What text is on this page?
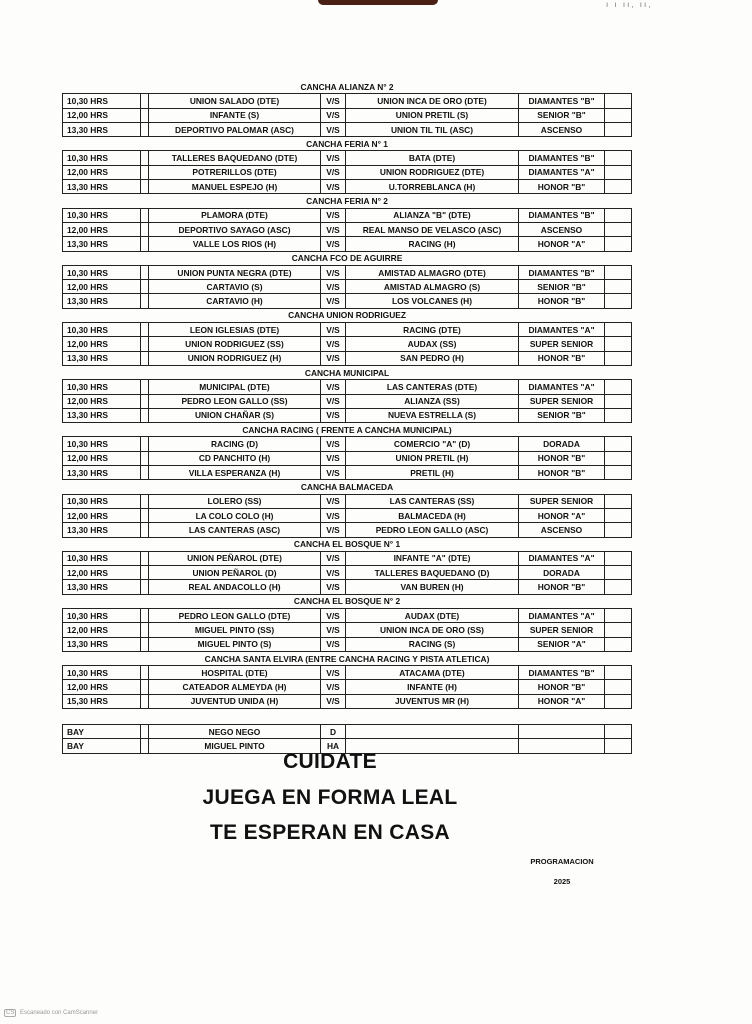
ı ı ıı, ıı,
CANCHA ALIANZA N° 2						
10,30 HRS		UNION SALADO (DTE)	V/S	UNION INCA DE ORO (DTE)	DIAMANTES "B"	
12,00 HRS		INFANTE (S)	V/S	UNION PRETIL (S)	SENIOR "B"	
13,30 HRS		DEPORTIVO PALOMAR (ASC)	V/S	UNION TIL TIL (ASC)	ASCENSO	
CANCHA FERIA N° 1						
10,30 HRS		TALLERES BAQUEDANO (DTE)	V/S	BATA (DTE)	DIAMANTES "B"	
12,00 HRS		POTRERILLOS (DTE)	V/S	UNION RODRIGUEZ (DTE)	DIAMANTES "A"	
13,30 HRS		MANUEL ESPEJO (H)	V/S	U.TORREBLANCA (H)	HONOR "B"	
CANCHA FERIA N° 2						
10,30 HRS		PLAMORA (DTE)	V/S	ALIANZA "B" (DTE)	DIAMANTES "B"	
12,00 HRS		DEPORTIVO SAYAGO (ASC)	V/S	REAL MANSO DE VELASCO (ASC)	ASCENSO	
13,30 HRS		VALLE LOS RIOS (H)	V/S	RACING (H)	HONOR "A"	
CANCHA FCO DE AGUIRRE						
10,30 HRS		UNION PUNTA NEGRA (DTE)	V/S	AMISTAD ALMAGRO (DTE)	DIAMANTES "B"	
12,00 HRS		CARTAVIO (S)	V/S	AMISTAD ALMAGRO (S)	SENIOR "B"	
13,30 HRS		CARTAVIO (H)	V/S	LOS VOLCANES (H)	HONOR "B"	
CANCHA UNION RODRIGUEZ						
10,30 HRS		LEON IGLESIAS (DTE)	V/S	RACING (DTE)	DIAMANTES "A"	
12,00 HRS		UNION RODRIGUEZ (SS)	V/S	AUDAX (SS)	SUPER SENIOR	
13,30 HRS		UNION RODRIGUEZ (H)	V/S	SAN PEDRO (H)	HONOR "B"	
CANCHA MUNICIPAL						
10,30 HRS		MUNICIPAL (DTE)	V/S	LAS CANTERAS (DTE)	DIAMANTES "A"	
12,00 HRS		PEDRO LEON GALLO (SS)	V/S	ALIANZA (SS)	SUPER SENIOR	
13,30 HRS		UNION CHAÑAR (S)	V/S	NUEVA ESTRELLA (S)	SENIOR "B"	
CANCHA RACING ( FRENTE A CANCHA MUNICIPAL)						
10,30 HRS		RACING (D)	V/S	COMERCIO "A" (D)	DORADA	
12,00 HRS		CD PANCHITO (H)	V/S	UNION PRETIL (H)	HONOR "B"	
13,30 HRS		VILLA ESPERANZA (H)	V/S	PRETIL (H)	HONOR "B"	
CANCHA BALMACEDA						
10,30 HRS		LOLERO (SS)	V/S	LAS CANTERAS (SS)	SUPER SENIOR	
12,00 HRS		LA COLO COLO (H)	V/S	BALMACEDA (H)	HONOR "A"	
13,30 HRS		LAS CANTERAS (ASC)	V/S	PEDRO LEON GALLO (ASC)	ASCENSO	
CANCHA EL BOSQUE N° 1						
10,30 HRS		UNION PEÑAROL (DTE)	V/S	INFANTE "A" (DTE)	DIAMANTES "A"	
12,00 HRS		UNION PEÑAROL (D)	V/S	TALLERES BAQUEDANO (D)	DORADA	
13,30 HRS		REAL ANDACOLLO (H)	V/S	VAN BUREN (H)	HONOR "B"	
CANCHA EL BOSQUE N° 2						
10,30 HRS		PEDRO LEON GALLO (DTE)	V/S	AUDAX (DTE)	DIAMANTES "A"	
12,00 HRS		MIGUEL PINTO (SS)	V/S	UNION INCA DE ORO (SS)	SUPER SENIOR	
13,30 HRS		MIGUEL PINTO (S)	V/S	RACING (S)	SENIOR "A"	
CANCHA SANTA ELVIRA (ENTRE CANCHA RACING Y PISTA ATLETICA)						
10,30 HRS		HOSPITAL (DTE)	V/S	ATACAMA (DTE)	DIAMANTES "B"	
12,00 HRS		CATEADOR ALMEYDA (H)	V/S	INFANTE (H)	HONOR "B"	
15,30 HRS		JUVENTUD UNIDA (H)	V/S	JUVENTUS MR (H)	HONOR "A"	

BAY		NEGO NEGO	D			
BAY		MIGUEL PINTO	HA			
CUIDATE
JUEGA EN FORMA LEAL
TE ESPERAN EN CASA
PROGRAMACION
2025
CS Escaneado con CamScanner
